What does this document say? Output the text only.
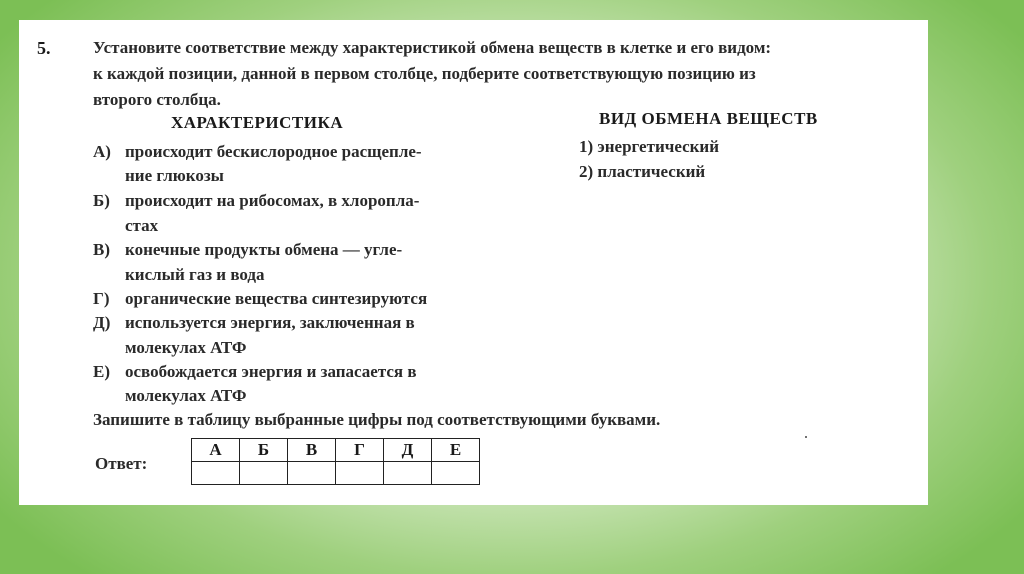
5.	Установите соответствие между характеристикой обмена веществ в клетке и его видом:
к каждой позиции, данной в первом столбце, подберите соответствующую позицию из
второго столбца.
ХАРАКТЕРИСТИКА	ВИД ОБМЕНА ВЕЩЕСТВ
А) происходит бескислородное расщепле-
ние глюкозы
Б) происходит на рибосомах, в хлоропла-
стах
В) конечные продукты обмена — угле-
кислый газ и вода
Г) органические вещества синтезируются
Д) используется энергия, заключенная в
молекулах АТФ
Е) освобождается энергия и запасается в
молекулах АТФ
1) энергетический
2) пластический
Запишите в таблицу выбранные цифры под соответствующими буквами.
Ответ:
А	Б	В	Г	Д	Е
